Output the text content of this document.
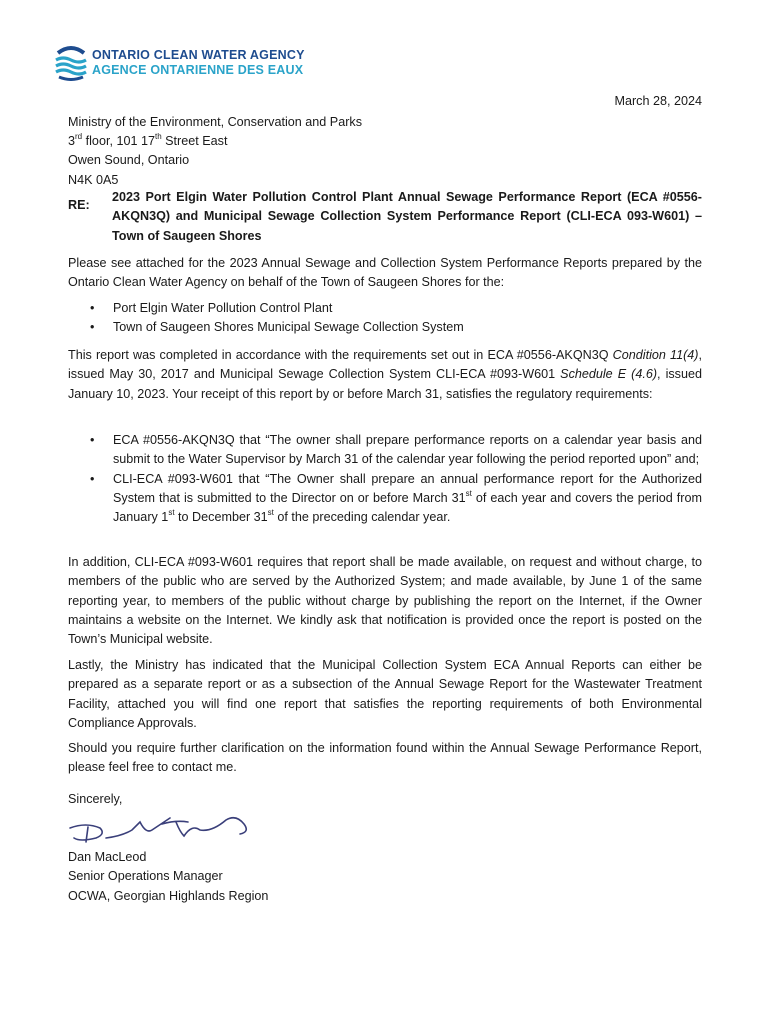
ONTARIO CLEAN WATER AGENCY
AGENCE ONTARIENNE DES EAUX
March 28, 2024
Ministry of the Environment, Conservation and Parks
3rd floor, 101 17th Street East
Owen Sound, Ontario
N4K 0A5
RE:
2023 Port Elgin Water Pollution Control Plant Annual Sewage Performance Report (ECA #0556-AKQN3Q) and Municipal Sewage Collection System Performance Report (CLI-ECA 093-W601) – Town of Saugeen Shores
Please see attached for the 2023 Annual Sewage and Collection System Performance Reports prepared by the Ontario Clean Water Agency on behalf of the Town of Saugeen Shores for the:
• Port Elgin Water Pollution Control Plant
• Town of Saugeen Shores Municipal Sewage Collection System
This report was completed in accordance with the requirements set out in ECA #0556-AKQN3Q Condition 11(4), issued May 30, 2017 and Municipal Sewage Collection System CLI-ECA #093-W601 Schedule E (4.6), issued January 10, 2023. Your receipt of this report by or before March 31, satisfies the regulatory requirements:
• ECA #0556-AKQN3Q that “The owner shall prepare performance reports on a calendar year basis and submit to the Water Supervisor by March 31 of the calendar year following the period reported upon” and;
• CLI-ECA #093-W601 that “The Owner shall prepare an annual performance report for the Authorized System that is submitted to the Director on or before March 31st of each year and covers the period from January 1st to December 31st of the preceding calendar year.
In addition, CLI-ECA #093-W601 requires that report shall be made available, on request and without charge, to members of the public who are served by the Authorized System; and made available, by June 1 of the same reporting year, to members of the public without charge by publishing the report on the Internet, if the Owner maintains a website on the Internet. We kindly ask that notification is provided once the report is posted on the Town’s Municipal website.
Lastly, the Ministry has indicated that the Municipal Collection System ECA Annual Reports can either be prepared as a separate report or as a subsection of the Annual Sewage Report for the Wastewater Treatment Facility, attached you will find one report that satisfies the reporting requirements of both Environmental Compliance Approvals.
Should you require further clarification on the information found within the Annual Sewage Performance Report, please feel free to contact me.
Sincerely,
Dan MacLeod
Senior Operations Manager
OCWA, Georgian Highlands Region
